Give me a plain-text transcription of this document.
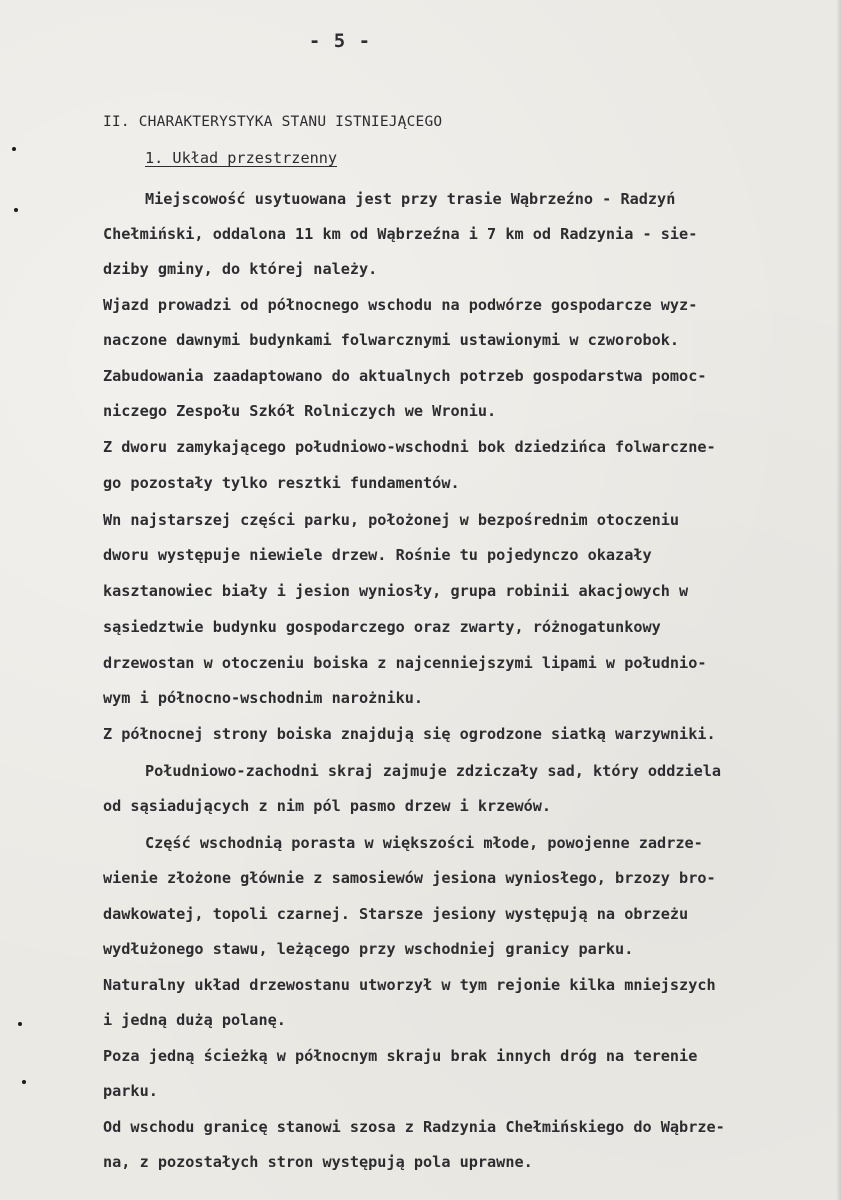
- 5 -
II. CHARAKTERYSTYKA STANU ISTNIEJĄCEGO
1. Układ przestrzenny
Miejscowość usytuowana jest przy trasie Wąbrzeźno - Radzyń
Chełmiński, oddalona 11 km od Wąbrzeźna i 7 km od Radzynia - sie-
dziby gminy, do której należy.
Wjazd prowadzi od północnego wschodu na podwórze gospodarcze wyz-
naczone dawnymi budynkami folwarcznymi ustawionymi w czworobok.
Zabudowania zaadaptowano do aktualnych potrzeb gospodarstwa pomoc-
niczego Zespołu Szkół Rolniczych we Wroniu.
Z dworu zamykającego południowo-wschodni bok dziedzińca folwarczne-
go pozostały tylko resztki fundamentów.
Wn najstarszej części parku, położonej w bezpośrednim otoczeniu
dworu występuje niewiele drzew. Rośnie tu pojedynczo okazały
kasztanowiec biały i jesion wyniosły, grupa robinii akacjowych w
sąsiedztwie budynku gospodarczego oraz zwarty, różnogatunkowy
drzewostan w otoczeniu boiska z najcenniejszymi lipami w południo-
wym i północno-wschodnim narożniku.
Z północnej strony boiska znajdują się ogrodzone siatką warzywniki.
Południowo-zachodni skraj zajmuje zdziczały sad, który oddziela
od sąsiadujących z nim pól pasmo drzew i krzewów.
Część wschodnią porasta w większości młode, powojenne zadrze-
wienie złożone głównie z samosiewów jesiona wyniosłego, brzozy bro-
dawkowatej, topoli czarnej. Starsze jesiony występują na obrzeżu
wydłużonego stawu, leżącego przy wschodniej granicy parku.
Naturalny układ drzewostanu utworzył w tym rejonie kilka mniejszych
i jedną dużą polanę.
Poza jedną ścieżką w północnym skraju brak innych dróg na terenie
parku.
Od wschodu granicę stanowi szosa z Radzynia Chełmińskiego do Wąbrze-
na, z pozostałych stron występują pola uprawne.
